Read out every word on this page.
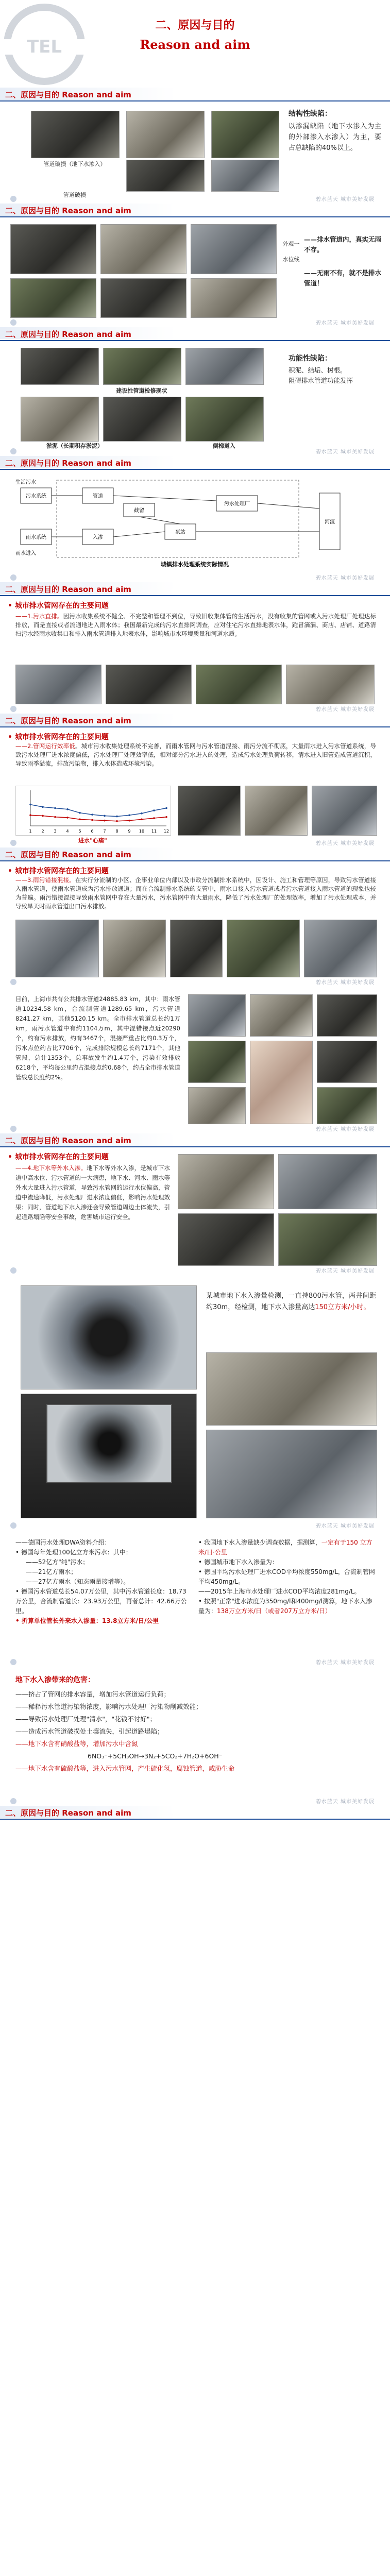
TEL
二、原因与目的
Reason and aim
二、原因与目的 Reason and aim
管道破损（地下水渗入）
管道破损
结构性缺陷：
以渗漏缺陷（地下水渗入为主的外部渗入水渗入）为主，要占总缺陷的40%以上。
碧水蓝天 城市美好发展
二、原因与目的 Reason and aim
外观一
水位线
——排水管道内，真实无雨不存。
——无雨不有，就不是排水管道！
碧水蓝天 城市美好发展
二、原因与目的 Reason and aim
建设性管道检修现状
淤泥（长期积存淤泥）	倒梯道入
功能性缺陷：
积泥、结垢、树根。
阻碍排水管道功能发挥
碧水蓝天 城市美好发展
二、原因与目的 Reason and aim
污水系统
雨水系统
污水处理厂
泵站
河流
管道
截留
入渗
雨水进入
生活污水
城镇排水处理系统实际情况
碧水蓝天 城市美好发展
二、原因与目的 Reason and aim
• 城市排水管网存在的主要问题
——1.污水直排。因污水收集系统不健全、不完整和管理不到位，导致旧收集体管的生活污水，没有收集的管网或入污水处理厂处理达标排放，而是直接或者流通地进入雨水体；我国最新完成的污水直排网调查，应对住宅污水直排地表水体，跑冒滴漏、商店、店铺、道路清扫污水经雨水收集口和排入雨水管道排入地表水体，影响城市水环境质量和河道水质。
碧水蓝天 城市美好发展
二、原因与目的 Reason and aim
• 城市排水管网存在的主要问题
——2.管网运行效率低。城市污水收集处理系统不完善，而雨水管网与污水管道混接、雨污分流不彻底，大量雨水进入污水管道系统，导致污水处理厂进水浓度偏低，污水处理厂处理效率低，相对部分污水进入的处理，造成污水处理负荷转移，清水进入旧管造成管道沉积，导致雨季溢流，排放污染物，排入水体造成环境污染。
1 2 3 4 5 6 7 8 9 10 11 12
进水"心痛"	碧水蓝天 城市美好发展
二、原因与目的 Reason and aim
• 城市排水管网存在的主要问题
——3.雨污错接混接。在实行分流制的小区、企事业单位内部以及市政分流制排水系统中，因设计、施工和管理等原因，导致污水管道接入雨水管道，使雨水管道成为污水排放通道；而在合流制排水系统的支管中，雨水口接入污水管道或者污水管道接入雨水管道的现象也较为普遍。雨污错接混接导致雨水管网中存在大量污水，污水管网中有大量雨水，降低了污水处理厂的处理效率，增加了污水处理成本，并导致旱天时雨水管道出口污水排放。
碧水蓝天 城市美好发展
目前，上海市共有公共排水管道24885.83 km，其中：雨水管道10234.58 km，合流制管道1289.65 km，污水管道8241.27 km，其他5120.15 km。全市排水管道总长约1万km，雨污水管道中有约1104万m，其中混错接点近20290个，约有污水排放，约有3467个，混接严重占比约0.3万个，污水点位约占比7706个，完成排除规模总长约7171个，其他管段，总计1353个，总事故发生约1.4万个，污染有效排放6218个，平均每公里约占混接点约0.68个，约占全市排水管道管线总长度约2%。
碧水蓝天 城市美好发展
二、原因与目的 Reason and aim
• 城市排水管网存在的主要问题
——4.地下水等外水入渗。地下水等外水入渗，是城市下水道中高水位、污水管道的一大病患，地下水、河水、雨水等外水大量进入污水管道，导致污水管网的运行水位偏高，管道中流速降低，污水处理厂进水浓度偏低，影响污水处理效果；同时，管道地下水入渗还会导致管道周边土体流失，引起道路塌陷等安全事故，危害城市运行安全。
碧水蓝天 城市美好发展
某城市地下水入渗量检测，一直持800污水管，两井间距约30m，经检测，地下水入渗量高达150立方米/小时。
碧水蓝天 城市美好发展
——德国污水处理DWA资料介绍：
• 德国每年处理100亿立方米污水：其中：
——52亿方"纯"污水；
——21亿方雨水；
——27亿方雨水（知态雨量接增等）。
• 德国污水管道总长54.07万公里，其中污水管道长度：18.73万公里，合流制管道长：23.93万公里，再者总计：42.66万公里。
• 折算单位管长外来水入渗量：13.8立方米/日/公里
• 我国地下水入渗量缺少调查数据，据测算，一定有于150 立方米/日·公里
• 德国城市地下水入渗量为：
• 德国平均污水处理厂进水COD平均浓度550mg/L，合流制管网平均450mg/L。
——2015年上海市水处理厂进水COD平均浓度281mg/L。
• 按照"正常"进水浓度为350mg/l和400mg/l测算，地下水入渗量为：138万立方米/日（或者207万立方米/日）
碧水蓝天 城市美好发展
地下水入渗带来的危害：
——挤占了管网的排水容量，增加污水管道运行负荷；
——稀释污水管道污染物浓度，影响污水处理厂污染物削减效能；
——导致污水处理厂处理"清水"，"花钱不讨好"；
——造成污水管道破损处土壤流失，引起道路塌陷；
——地下水含有硝酸盐等，增加污水中含氮
6NO₃⁻+5CH₃OH→3N₂+5CO₂+7H₂O+6OH⁻
——地下水含有硫酸盐等，进入污水管网，产生硫化氢，腐蚀管道，威胁生命
碧水蓝天 城市美好发展
二、原因与目的 Reason and aim
